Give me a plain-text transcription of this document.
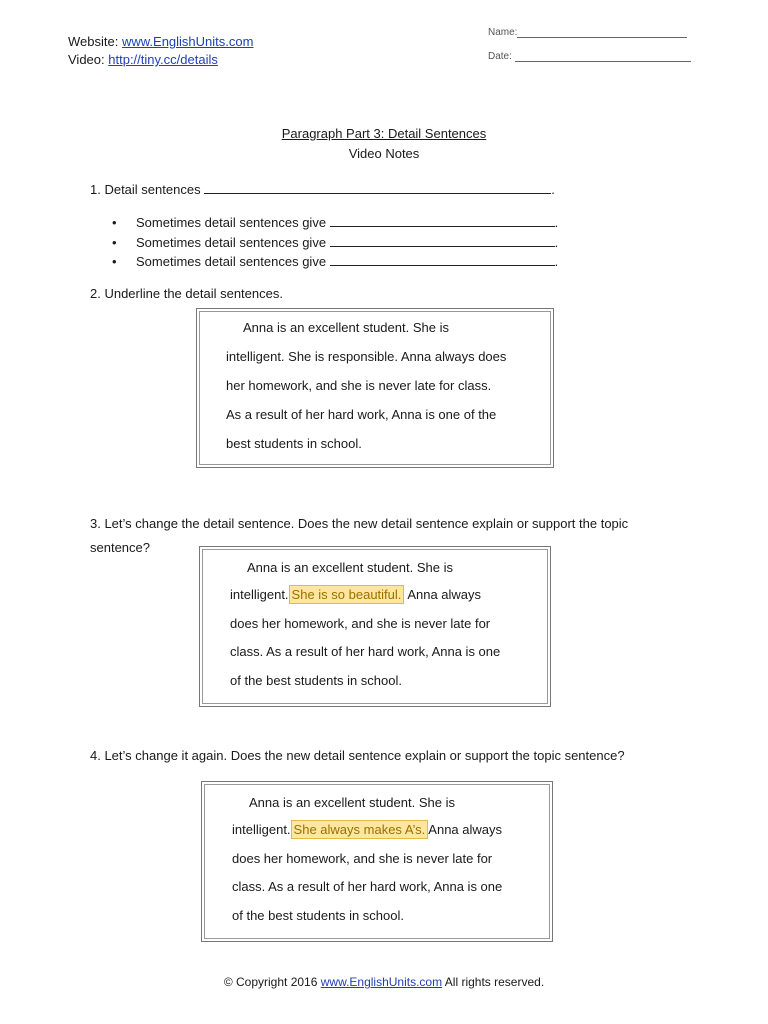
Website: www.EnglishUnits.com
Video: http://tiny.cc/details
Name:
Date:
Paragraph Part 3: Detail Sentences
Video Notes
1. Detail sentences	.
• Sometimes detail sentences give	.
• Sometimes detail sentences give	.
• Sometimes detail sentences give	.
2. Underline the detail sentences.

Anna is an excellent student. She is

intelligent. She is responsible. Anna always does

her homework, and she is never late for class.

As a result of her hard work, Anna is one of the

best students in school.

3. Let’s change the detail sentence. Does the new detail sentence explain or support the topic
sentence?

Anna is an excellent student. She is

intelligent. She is so beautiful. Anna always

does her homework, and she is never late for

class. As a result of her hard work, Anna is one

of the best students in school.

4. Let’s change it again. Does the new detail sentence explain or support the topic sentence?

Anna is an excellent student. She is

intelligent. She always makes A’s. Anna always

does her homework, and she is never late for

class. As a result of her hard work, Anna is one

of the best students in school.

© Copyright 2016 www.EnglishUnits.com All rights reserved.
